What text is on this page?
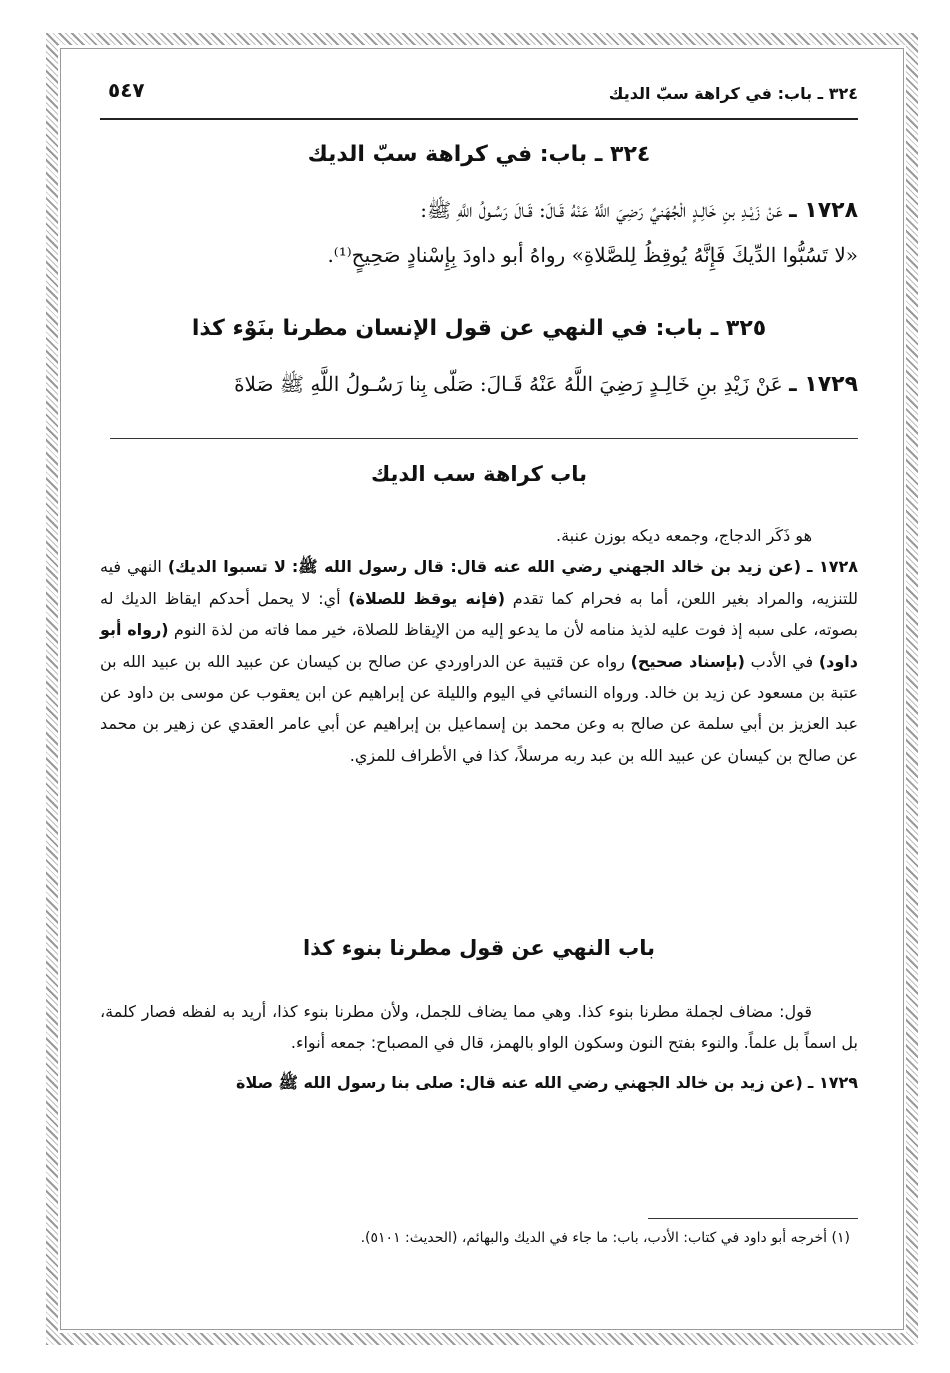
٣٢٤ ـ باب: في كراهة سبّ الديك
٥٤٧
٣٢٤ ـ باب: في كراهة سبّ الديك
١٧٢٨ ـ عَنْ زَيْـدِ بنِ خَالِـدٍ الْجُهَنيِّ رَضِيَ اللَّهُ عَنْهُ قَـالَ: قَـالَ رَسُـولُ اللَّهِ ﷺ:
«لا تَسُبُّوا الدِّيكَ فَإِنَّهُ يُوقِظُ لِلصَّلاةِ» رواهُ أبو داودَ بِإِسْنادٍ صَحِيحٍ⁽¹⁾.
٣٢٥ ـ باب: في النهي عن قول الإنسان مطرنا بنَوْء كذا
١٧٢٩ ـ عَنْ زَيْدِ بنِ خَالِـدٍ رَضِيَ اللَّهُ عَنْهُ قَـالَ: صَلّى بِنا رَسُـولُ اللَّهِ ﷺ صَلاةَ
باب كراهة سب الديك
هو ذَكَر الدجاج، وجمعه ديكه بوزن عنبة.
١٧٢٨ ـ (عن زيد بن خالد الجهني رضي الله عنه قال: قال رسول الله ﷺ: لا تسبوا الديك) النهي فيه للتنزيه، والمراد بغير اللعن، أما به فحرام كما تقدم (فإنه يوقظ للصلاة) أي: لا يحمل أحدكم ايقاظ الديك له بصوته، على سبه إذ فوت عليه لذيذ منامه لأن ما يدعو إليه من الإيقاظ للصلاة، خير مما فاته من لذة النوم (رواه أبو داود) في الأدب (بإسناد صحيح) رواه عن قتيبة عن الدراوردي عن صالح بن كيسان عن عبيد الله بن عبيد الله بن عتبة بن مسعود عن زيد بن خالد. ورواه النسائي في اليوم والليلة عن إبراهيم عن ابن يعقوب عن موسى بن داود عن عبد العزيز بن أبي سلمة عن صالح به وعن محمد بن إسماعيل بن إبراهيم عن أبي عامر العقدي عن زهير بن محمد عن صالح بن كيسان عن عبيد الله بن عبد ربه مرسلاً، كذا في الأطراف للمزي.
باب النهي عن قول مطرنا بنوء كذا
قول: مضاف لجملة مطرنا بنوء كذا. وهي مما يضاف للجمل، ولأن مطرنا بنوء كذا، أريد به لفظه فصار كلمة، بل اسماً بل علماً. والنوء بفتح النون وسكون الواو بالهمز، قال في المصباح: جمعه أنواء.
١٧٢٩ ـ (عن زيد بن خالد الجهني رضي الله عنه قال: صلى بنا رسول الله ﷺ صلاة
(١) أخرجه أبو داود في كتاب: الأدب، باب: ما جاء في الديك والبهائم، (الحديث: ٥١٠١).
